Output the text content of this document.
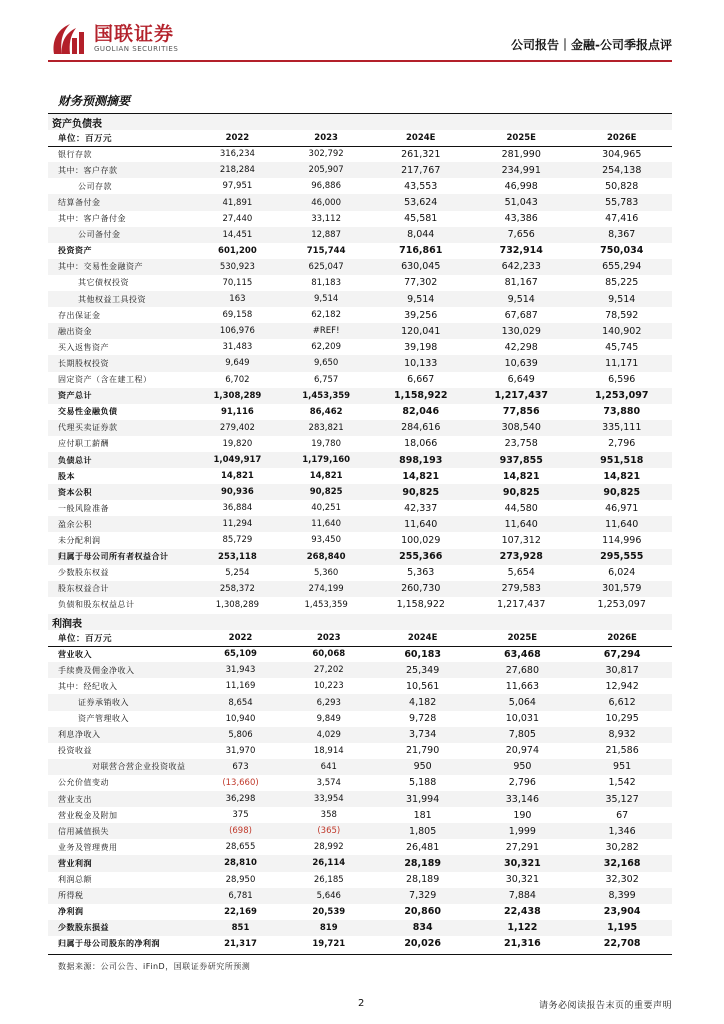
国联证券
GUOLIAN SECURITIES	公司报告｜金融-公司季报点评
财务预测摘要
资产负债表					
单位：百万元	2022	2023	2024E	2025E	2026E
银行存款	316,234	302,792	261,321	281,990	304,965
其中：客户存款	218,284	205,907	217,767	234,991	254,138
公司存款	97,951	96,886	43,553	46,998	50,828
结算备付金	41,891	46,000	53,624	51,043	55,783
其中：客户备付金	27,440	33,112	45,581	43,386	47,416
公司备付金	14,451	12,887	8,044	7,656	8,367
投资资产	601,200	715,744	716,861	732,914	750,034
其中：交易性金融资产	530,923	625,047	630,045	642,233	655,294
其它债权投资	70,115	81,183	77,302	81,167	85,225
其他权益工具投资	163	9,514	9,514	9,514	9,514
存出保证金	69,158	62,182	39,256	67,687	78,592
融出资金	106,976	#REF!	120,041	130,029	140,902
买入返售资产	31,483	62,209	39,198	42,298	45,745
长期股权投资	9,649	9,650	10,133	10,639	11,171
固定资产（含在建工程）	6,702	6,757	6,667	6,649	6,596
资产总计	1,308,289	1,453,359	1,158,922	1,217,437	1,253,097
交易性金融负债	91,116	86,462	82,046	77,856	73,880
代理买卖证券款	279,402	283,821	284,616	308,540	335,111
应付职工薪酬	19,820	19,780	18,066	23,758	2,796
负债总计	1,049,917	1,179,160	898,193	937,855	951,518
股本	14,821	14,821	14,821	14,821	14,821
资本公积	90,936	90,825	90,825	90,825	90,825
一般风险准备	36,884	40,251	42,337	44,580	46,971
盈余公积	11,294	11,640	11,640	11,640	11,640
未分配利润	85,729	93,450	100,029	107,312	114,996
归属于母公司所有者权益合计	253,118	268,840	255,366	273,928	295,555
少数股东权益	5,254	5,360	5,363	5,654	6,024
股东权益合计	258,372	274,199	260,730	279,583	301,579
负债和股东权益总计	1,308,289	1,453,359	1,158,922	1,217,437	1,253,097
利润表					
单位：百万元	2022	2023	2024E	2025E	2026E
营业收入	65,109	60,068	60,183	63,468	67,294
手续费及佣金净收入	31,943	27,202	25,349	27,680	30,817
其中：经纪收入	11,169	10,223	10,561	11,663	12,942
证券承销收入	8,654	6,293	4,182	5,064	6,612
资产管理收入	10,940	9,849	9,728	10,031	10,295
利息净收入	5,806	4,029	3,734	7,805	8,932
投资收益	31,970	18,914	21,790	20,974	21,586
对联营合营企业投资收益	673	641	950	950	951
公允价值变动	(13,660)	3,574	5,188	2,796	1,542
营业支出	36,298	33,954	31,994	33,146	35,127
营业税金及附加	375	358	181	190	67
信用减值损失	(698)	(365)	1,805	1,999	1,346
业务及管理费用	28,655	28,992	26,481	27,291	30,282
营业利润	28,810	26,114	28,189	30,321	32,168
利润总额	28,950	26,185	28,189	30,321	32,302
所得税	6,781	5,646	7,329	7,884	8,399
净利润	22,169	20,539	20,860	22,438	23,904
少数股东损益	851	819	834	1,122	1,195
归属于母公司股东的净利润	21,317	19,721	20,026	21,316	22,708
数据来源：公司公告、iFinD，国联证券研究所预测
2	请务必阅读报告末页的重要声明
